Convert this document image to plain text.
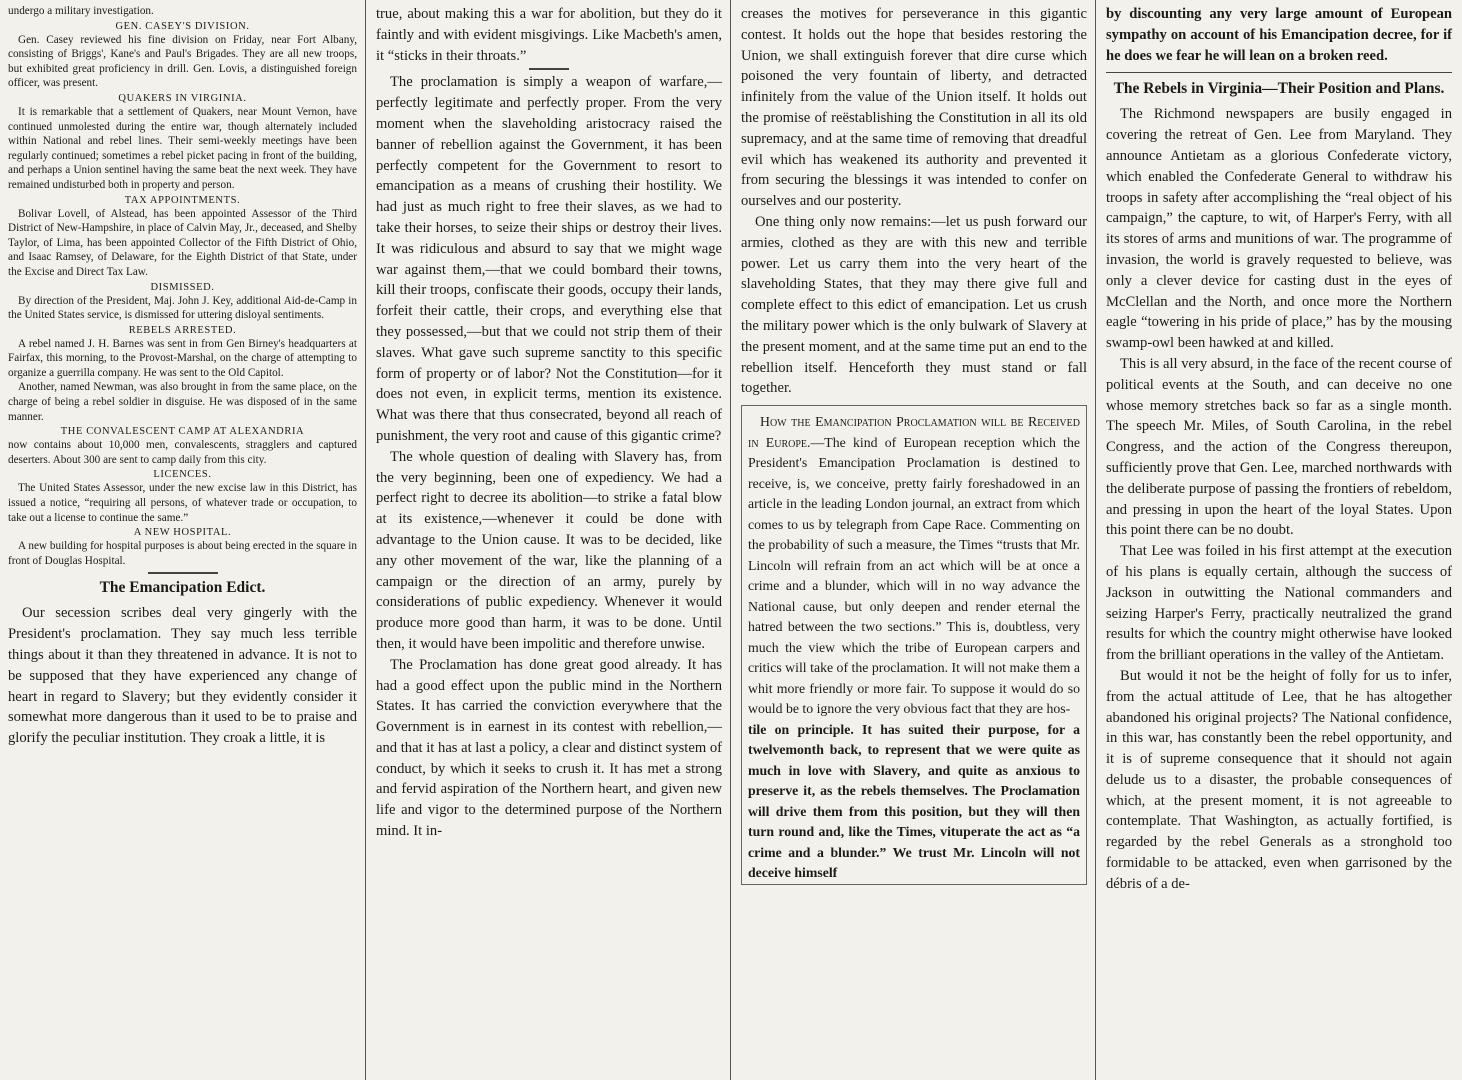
undergo a military investigation.

GEN. CASEY'S DIVISION.

Gen. Casey reviewed his fine division on Friday, near Fort Albany, consisting of Briggs', Kane's and Paul's Brigades. They are all new troops, but exhibited great proficiency in drill. Gen. Lovis, a distinguished foreign officer, was present.

QUAKERS IN VIRGINIA.

It is remarkable that a settlement of Quakers, near Mount Vernon, have continued unmolested during the entire war, though alternately included within National and rebel lines. Their semi-weekly meetings have been regularly continued; sometimes a rebel picket pacing in front of the building, and perhaps a Union sentinel having the same beat the next week. They have remained undisturbed both in property and person.

TAX APPOINTMENTS.

Bolivar Lovell, of Alstead, has been appointed Assessor of the Third District of New-Hampshire, in place of Calvin May, Jr., deceased, and Shelby Taylor, of Lima, has been appointed Collector of the Fifth District of Ohio, and Isaac Ramsey, of Delaware, for the Eighth District of that State, under the Excise and Direct Tax Law.

DISMISSED.

By direction of the President, Maj. John J. Key, additional Aid-de-Camp in the United States service, is dismissed for uttering disloyal sentiments.

REBELS ARRESTED.

A rebel named J. H. Barnes was sent in from Gen Birney's headquarters at Fairfax, this morning, to the Provost-Marshal, on the charge of attempting to organize a guerrilla company. He was sent to the Old Capitol.

Another, named Newman, was also brought in from the same place, on the charge of being a rebel soldier in disguise. He was disposed of in the same manner.

THE CONVALESCENT CAMP AT ALEXANDRIA

now contains about 10,000 men, convalescents, stragglers and captured deserters. About 300 are sent to camp daily from this city.

LICENCES.

The United States Assessor, under the new excise law in this District, has issued a notice, “requiring all persons, of whatever trade or occupation, to take out a license to continue the same.”

A NEW HOSPITAL.

A new building for hospital purposes is about being erected in the square in front of Douglas Hospital.

The Emancipation Edict.

Our secession scribes deal very gingerly with the President's proclamation. They say much less terrible things about it than they threatened in advance. It is not to be supposed that they have experienced any change of heart in regard to Slavery; but they evidently consider it somewhat more dangerous than it used to be to praise and glorify the peculiar institution. They croak a little, it is

true, about making this a war for abolition, but they do it faintly and with evident misgivings. Like Macbeth's amen, it “sticks in their throats.”

The proclamation is simply a weapon of warfare,—perfectly legitimate and perfectly proper. From the very moment when the slaveholding aristocracy raised the banner of rebellion against the Government, it has been perfectly competent for the Government to resort to emancipation as a means of crushing their hostility. We had just as much right to free their slaves, as we had to take their horses, to seize their ships or destroy their lives. It was ridiculous and absurd to say that we might wage war against them,—that we could bombard their towns, kill their troops, confiscate their goods, occupy their lands, forfeit their cattle, their crops, and everything else that they possessed,—but that we could not strip them of their slaves. What gave such supreme sanctity to this specific form of property or of labor? Not the Constitution—for it does not even, in explicit terms, mention its existence. What was there that thus consecrated, beyond all reach of punishment, the very root and cause of this gigantic crime?

The whole question of dealing with Slavery has, from the very beginning, been one of expediency. We had a perfect right to decree its abolition—to strike a fatal blow at its existence,—whenever it could be done with advantage to the Union cause. It was to be decided, like any other movement of the war, like the planning of a campaign or the direction of an army, purely by considerations of public expediency. Whenever it would produce more good than harm, it was to be done. Until then, it would have been impolitic and therefore unwise.

The Proclamation has done great good already. It has had a good effect upon the public mind in the Northern States. It has carried the conviction everywhere that the Government is in earnest in its contest with rebellion,—and that it has at last a policy, a clear and distinct system of conduct, by which it seeks to crush it. It has met a strong and fervid aspiration of the Northern heart, and given new life and vigor to the determined purpose of the Northern mind. It in-

creases the motives for perseverance in this gigantic contest. It holds out the hope that besides restoring the Union, we shall extinguish forever that dire curse which poisoned the very fountain of liberty, and detracted infinitely from the value of the Union itself. It holds out the promise of reëstablishing the Constitution in all its old supremacy, and at the same time of removing that dreadful evil which has weakened its authority and prevented it from securing the blessings it was intended to confer on ourselves and our posterity.

One thing only now remains:—let us push forward our armies, clothed as they are with this new and terrible power. Let us carry them into the very heart of the slaveholding States, that they may there give full and complete effect to this edict of emancipation. Let us crush the military power which is the only bulwark of Slavery at the present moment, and at the same time put an end to the rebellion itself. Henceforth they must stand or fall together.

How the Emancipation Proclamation will be Received in Europe.—The kind of European reception which the President's Emancipation Proclamation is destined to receive, is, we conceive, pretty fairly foreshadowed in an article in the leading London journal, an extract from which comes to us by telegraph from Cape Race. Commenting on the probability of such a measure, the Times “trusts that Mr. Lincoln will refrain from an act which will be at once a crime and a blunder, which will in no way advance the National cause, but only deepen and render eternal the hatred between the two sections.” This is, doubtless, very much the view which the tribe of European carpers and critics will take of the proclamation. It will not make them a whit more friendly or more fair. To suppose it would do so would be to ignore the very obvious fact that they are hos-

tile on principle. It has suited their purpose, for a twelvemonth back, to represent that we were quite as much in love with Slavery, and quite as anxious to preserve it, as the rebels themselves. The Proclamation will drive them from this position, but they will then turn round and, like the Times, vituperate the act as “a crime and a blunder.” We trust Mr. Lincoln will not deceive himself

by discounting any very large amount of European sympathy on account of his Emancipation decree, for if he does we fear he will lean on a broken reed.

The Rebels in Virginia—Their Position and Plans.

The Richmond newspapers are busily engaged in covering the retreat of Gen. Lee from Maryland. They announce Antietam as a glorious Confederate victory, which enabled the Confederate General to withdraw his troops in safety after accomplishing the “real object of his campaign,” the capture, to wit, of Harper's Ferry, with all its stores of arms and munitions of war. The programme of invasion, the world is gravely requested to believe, was only a clever device for casting dust in the eyes of McClellan and the North, and once more the Northern eagle “towering in his pride of place,” has by the mousing swamp-owl been hawked at and killed.

This is all very absurd, in the face of the recent course of political events at the South, and can deceive no one whose memory stretches back so far as a single month. The speech Mr. Miles, of South Carolina, in the rebel Congress, and the action of the Congress thereupon, sufficiently prove that Gen. Lee, marched northwards with the deliberate purpose of passing the frontiers of rebeldom, and pressing in upon the heart of the loyal States. Upon this point there can be no doubt.

That Lee was foiled in his first attempt at the execution of his plans is equally certain, although the success of Jackson in outwitting the National commanders and seizing Harper's Ferry, practically neutralized the grand results for which the country might otherwise have looked from the brilliant operations in the valley of the Antietam.

But would it not be the height of folly for us to infer, from the actual attitude of Lee, that he has altogether abandoned his original projects? The National confidence, in this war, has constantly been the rebel opportunity, and it is of supreme consequence that it should not again delude us to a disaster, the probable consequences of which, at the present moment, it is not agreeable to contemplate. That Washington, as actually fortified, is regarded by the rebel Generals as a stronghold too formidable to be attacked, even when garrisoned by the débris of a de-
